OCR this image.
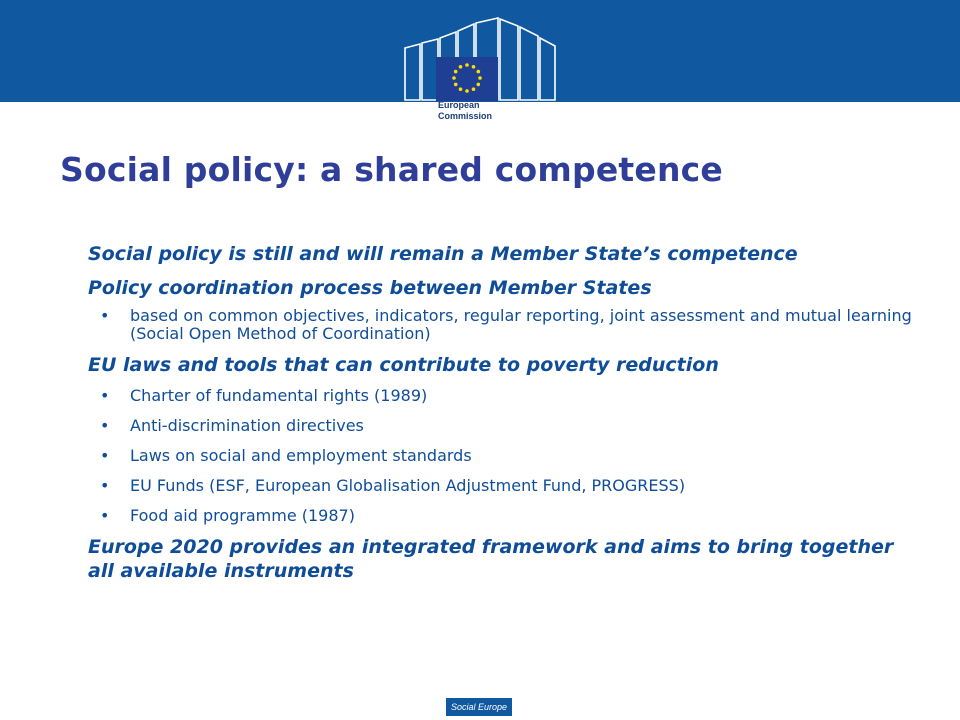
European
Commission
Social policy: a shared competence
Social policy is still and will remain a Member State’s competence
Policy coordination process between Member States
• based on common objectives, indicators, regular reporting, joint assessment and mutual learning
(Social Open Method of Coordination)
EU laws and tools that can contribute to poverty reduction
• Charter of fundamental rights (1989)
• Anti-discrimination directives
• Laws on social and employment standards
• EU Funds (ESF, European Globalisation Adjustment Fund, PROGRESS)
• Food aid programme (1987)
Europe 2020 provides an integrated framework and aims to bring together all available instruments
Social Europe
